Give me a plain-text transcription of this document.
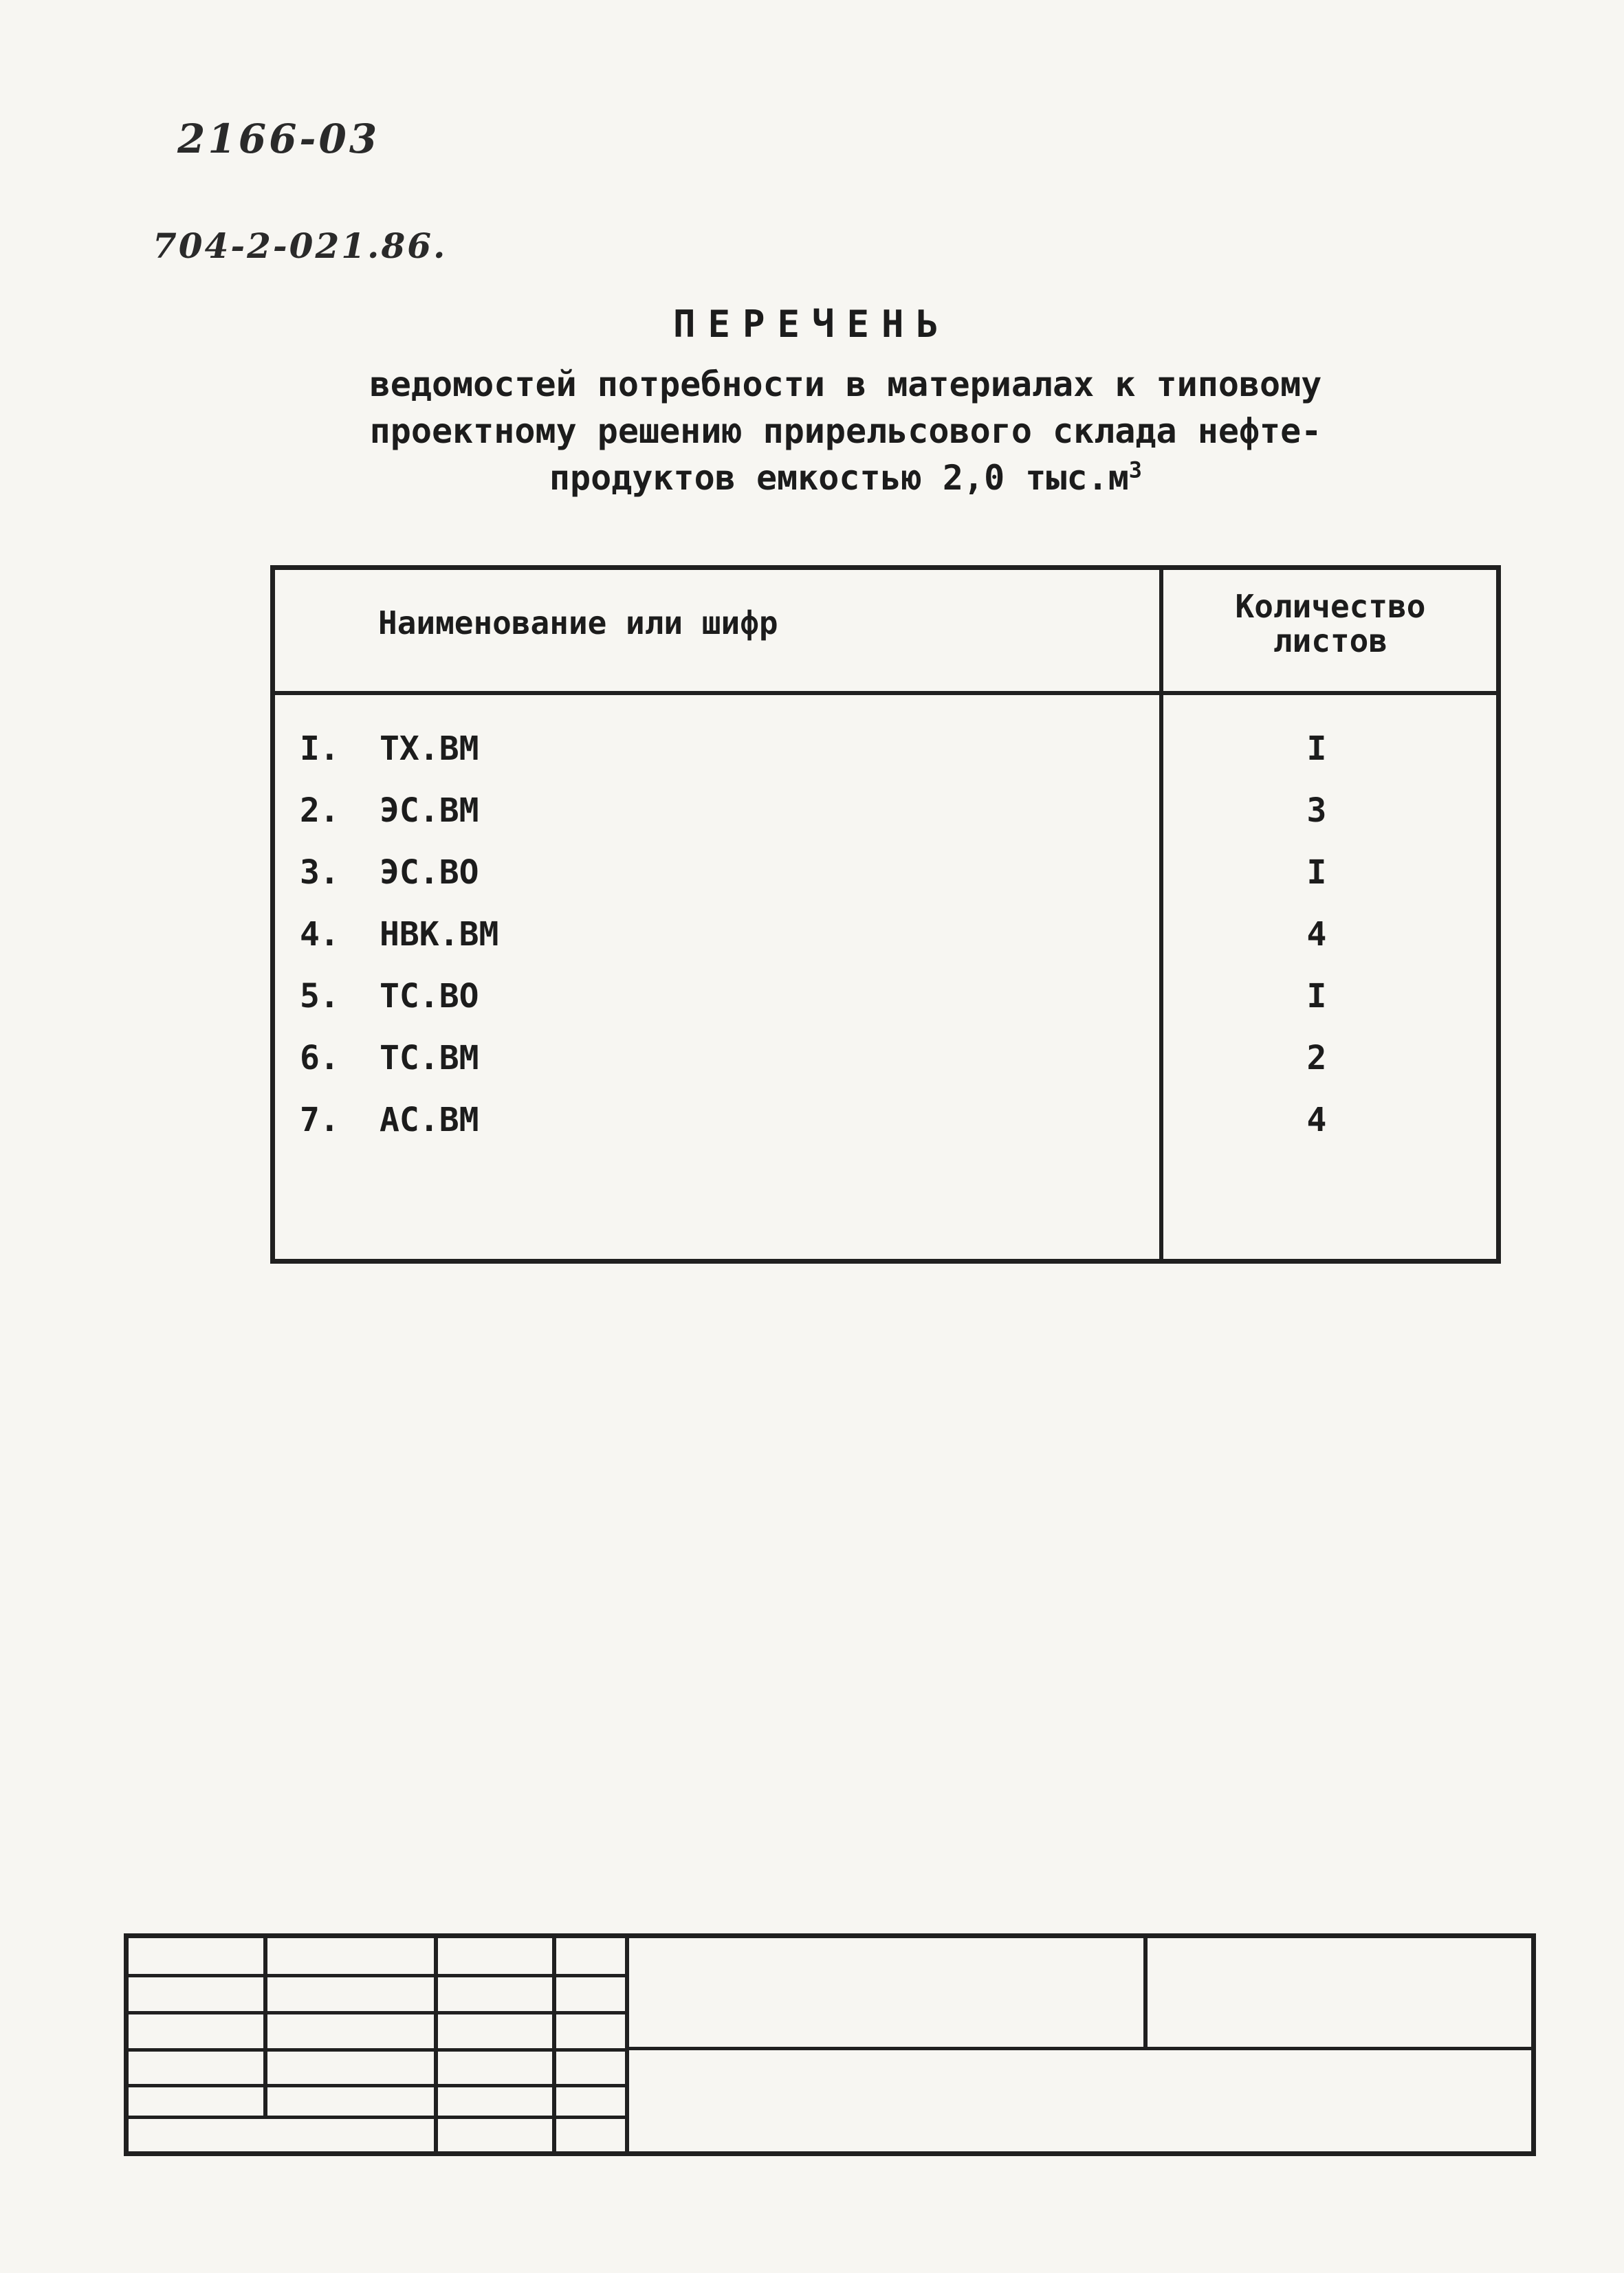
2166-03
704-2-021.86.
ПЕРЕЧЕНЬ
ведомостей потребности в материалах к типовому
проектному решению прирельсового склада нефте-
продуктов емкостью 2,0 $тыс.м^3$
Наименование или шифр	Количество
листов
I. ТХ.ВМ	I
2. ЭС.ВМ	3
3. ЭС.ВО	I
4. НВК.ВМ	4
5. ТС.ВО	I
6. ТС.ВМ	2
7. АС.ВМ	4
